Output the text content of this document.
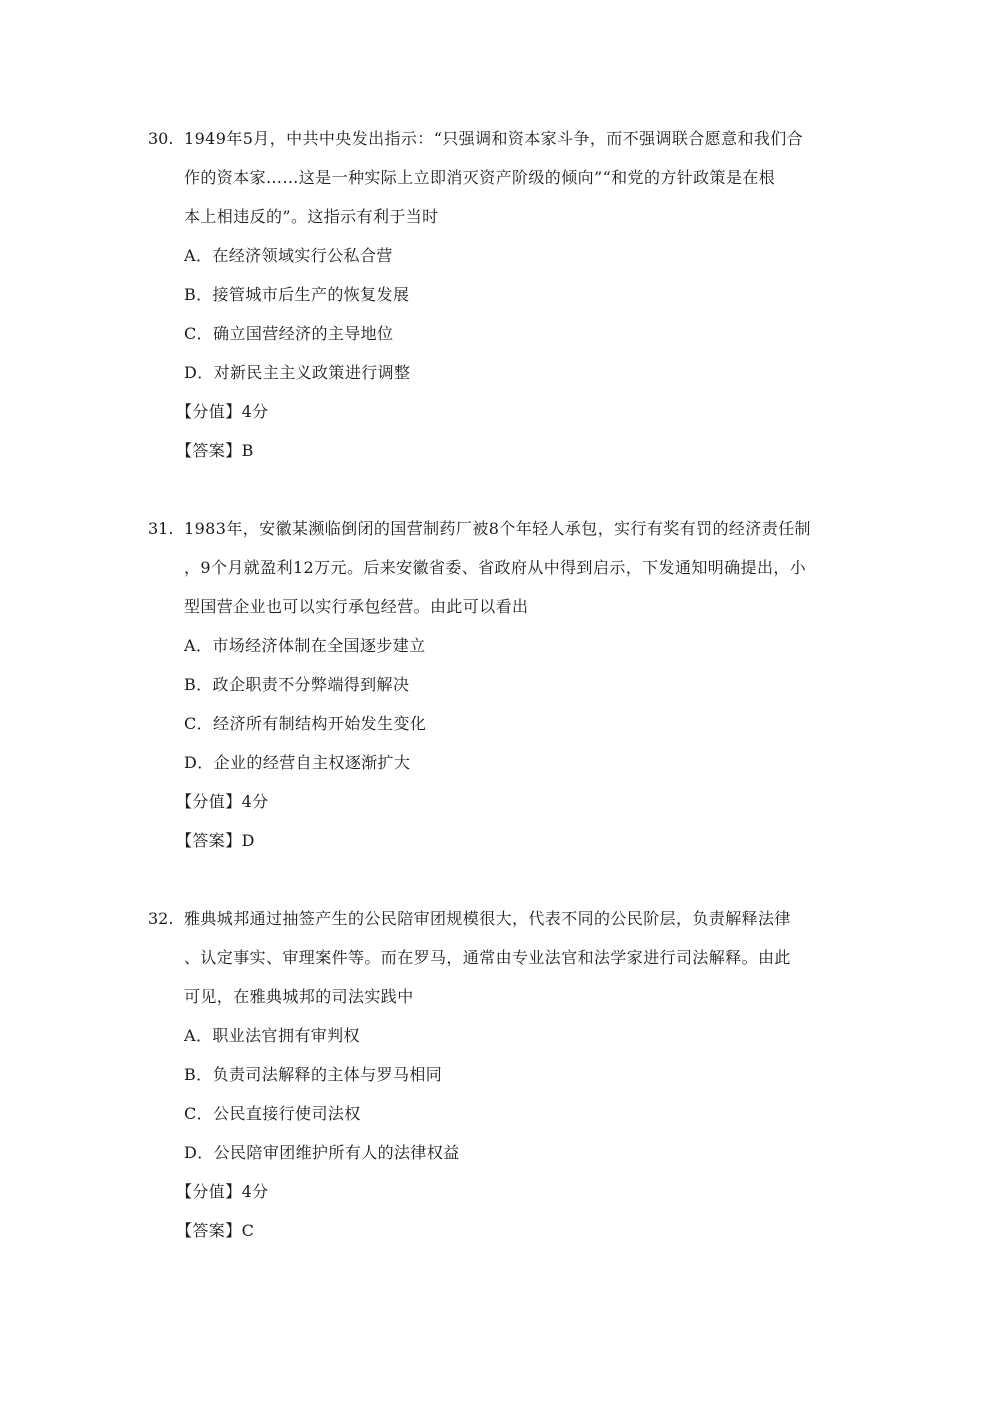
30. 1949年5月，中共中央发出指示：“只强调和资本家斗争，而不强调联合愿意和我们合
作的资本家……这是一种实际上立即消灭资产阶级的倾向”“和党的方针政策是在根
本上相违反的”。这指示有利于当时
A．在经济领域实行公私合营
B．接管城市后生产的恢复发展
C．确立国营经济的主导地位
D．对新民主主义政策进行调整
【分值】4分
【答案】B
31. 1983年，安徽某濒临倒闭的国营制药厂被8个年轻人承包，实行有奖有罚的经济责任制
，9个月就盈利12万元。后来安徽省委、省政府从中得到启示，下发通知明确提出，小
型国营企业也可以实行承包经营。由此可以看出
A．市场经济体制在全国逐步建立
B．政企职责不分弊端得到解决
C．经济所有制结构开始发生变化
D．企业的经营自主权逐渐扩大
【分值】4分
【答案】D
32. 雅典城邦通过抽签产生的公民陪审团规模很大，代表不同的公民阶层，负责解释法律
、认定事实、审理案件等。而在罗马，通常由专业法官和法学家进行司法解释。由此
可见，在雅典城邦的司法实践中
A．职业法官拥有审判权
B．负责司法解释的主体与罗马相同
C．公民直接行使司法权
D．公民陪审团维护所有人的法律权益
【分值】4分
【答案】C
